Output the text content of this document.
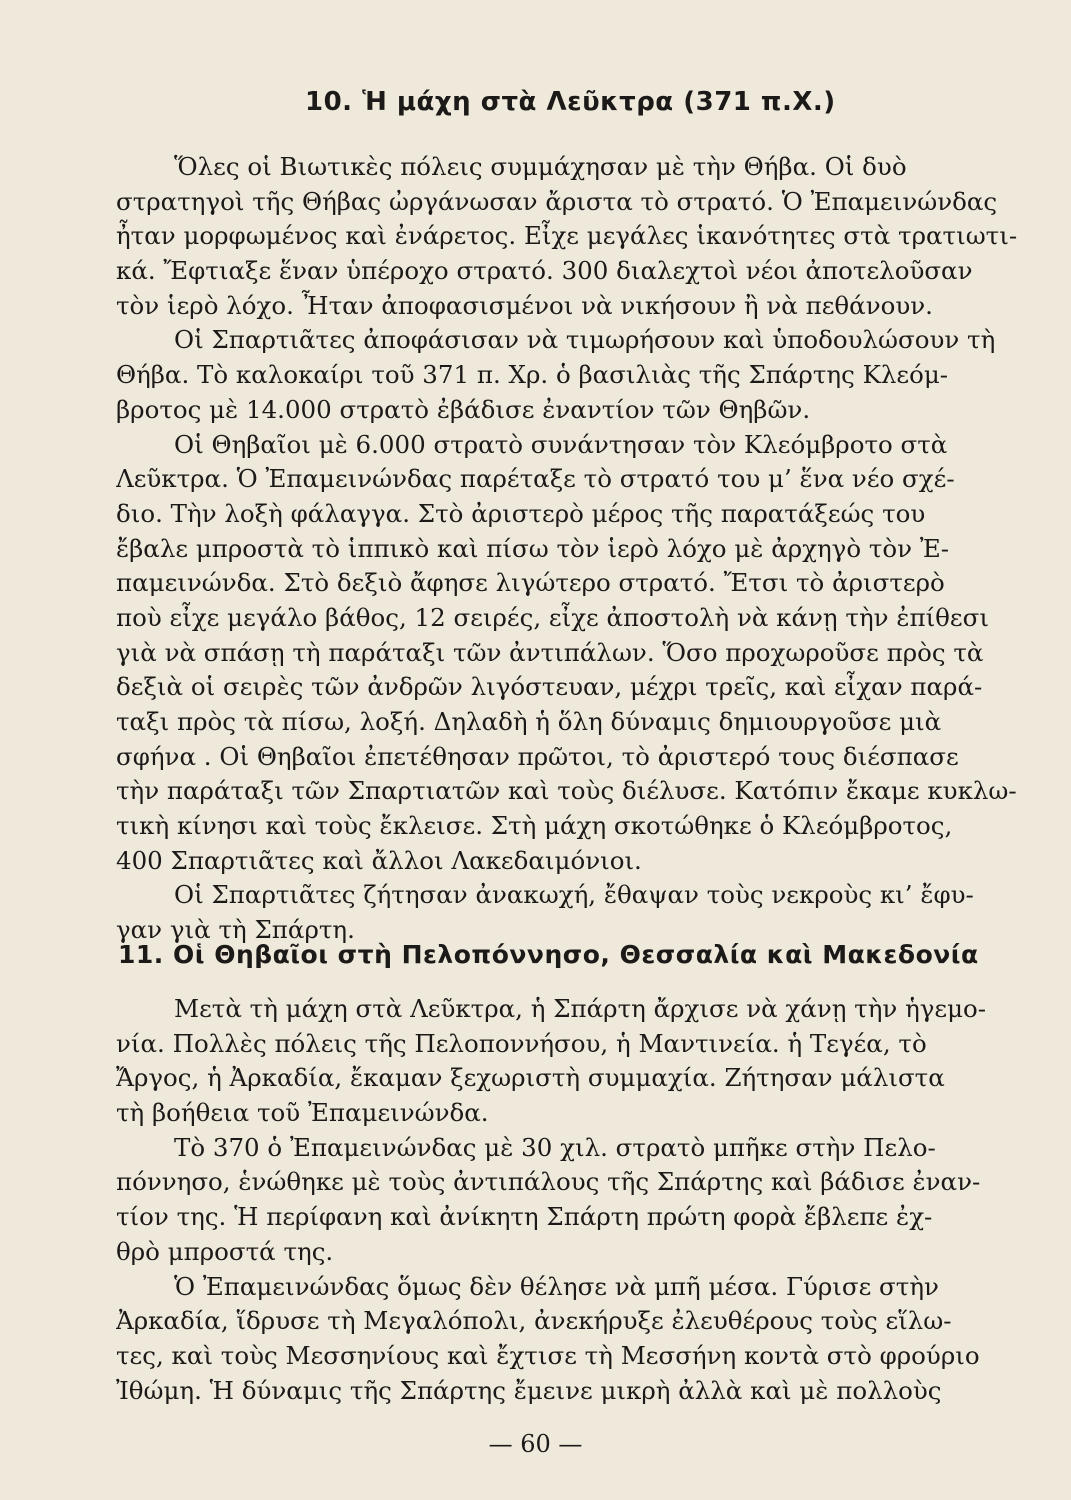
10. Ἡ μάχη στὰ Λεῦκτρα (371 π.Χ.)
Ὅλες οἱ Βιωτικὲς πόλεις συμμάχησαν μὲ τὴν Θήβα. Οἱ δυὸ
στρατηγοὶ τῆς Θήβας ὠργάνωσαν ἄριστα τὸ στρατό. Ὁ Ἐπαμεινώνδας
ἦταν μορφωμένος καὶ ἐνάρετος. Εἶχε μεγάλες ἱκανότητες στὰ τρατιωτι-
κά. Ἔφτιαξε ἕναν ὑπέροχο στρατό. 300 διαλεχτοὶ νέοι ἀποτελοῦσαν
τὸν ἱερὸ λόχο. Ἦταν ἀποφασισμένοι νὰ νικήσουν ἢ νὰ πεθάνουν.
Οἱ Σπαρτιᾶτες ἀποφάσισαν νὰ τιμωρήσουν καὶ ὑποδουλώσουν τὴ
Θήβα. Τὸ καλοκαίρι τοῦ 371 π. Χρ. ὁ βασιλιὰς τῆς Σπάρτης Κλεόμ-
βροτος μὲ 14.000 στρατὸ ἐβάδισε ἐναντίον τῶν Θηβῶν.
Οἱ Θηβαῖοι μὲ 6.000 στρατὸ συνάντησαν τὸν Κλεόμβροτο στὰ
Λεῦκτρα. Ὁ Ἐπαμεινώνδας παρέταξε τὸ στρατό του μ’ ἕνα νέο σχέ-
διο. Τὴν λοξὴ φάλαγγα. Στὸ ἀριστερὸ μέρος τῆς παρατάξεώς του
ἔβαλε μπροστὰ τὸ ἱππικὸ καὶ πίσω τὸν ἱερὸ λόχο μὲ ἀρχηγὸ τὸν Ἐ-
παμεινώνδα. Στὸ δεξιὸ ἄφησε λιγώτερο στρατό. Ἔτσι τὸ ἀριστερὸ
ποὺ εἶχε μεγάλο βάθος, 12 σειρές, εἶχε ἀποστολὴ νὰ κάνῃ τὴν ἐπίθεσι
γιὰ νὰ σπάσῃ τὴ παράταξι τῶν ἀντιπάλων. Ὅσο προχωροῦσε πρὸς τὰ
δεξιὰ οἱ σειρὲς τῶν ἀνδρῶν λιγόστευαν, μέχρι τρεῖς, καὶ εἶχαν παρά-
ταξι πρὸς τὰ πίσω, λοξή. Δηλαδὴ ἡ ὅλη δύναμις δημιουργοῦσε μιὰ
σφήνα . Οἱ Θηβαῖοι ἐπετέθησαν πρῶτοι, τὸ ἀριστερό τους διέσπασε
τὴν παράταξι τῶν Σπαρτιατῶν καὶ τοὺς διέλυσε. Κατόπιν ἔκαμε κυκλω-
τικὴ κίνησι καὶ τοὺς ἔκλεισε. Στὴ μάχη σκοτώθηκε ὁ Κλεόμβροτος,
400 Σπαρτιᾶτες καὶ ἄλλοι Λακεδαιμόνιοι.
Οἱ Σπαρτιᾶτες ζήτησαν ἀνακωχή, ἔθαψαν τοὺς νεκροὺς κι’ ἔφυ-
γαν γιὰ τὴ Σπάρτη.
11. Οἱ Θηβαῖοι στὴ Πελοπόννησο, Θεσσαλία καὶ Μακεδονία
Μετὰ τὴ μάχη στὰ Λεῦκτρα, ἡ Σπάρτη ἄρχισε νὰ χάνῃ τὴν ἡγεμο-
νία. Πολλὲς πόλεις τῆς Πελοποννήσου, ἡ Μαντινεία. ἡ Τεγέα, τὸ
Ἄργος, ἡ Ἀρκαδία, ἔκαμαν ξεχωριστὴ συμμαχία. Ζήτησαν μάλιστα
τὴ βοήθεια τοῦ Ἐπαμεινώνδα.
Τὸ 370 ὁ Ἐπαμεινώνδας μὲ 30 χιλ. στρατὸ μπῆκε στὴν Πελο-
πόννησο, ἑνώθηκε μὲ τοὺς ἀντιπάλους τῆς Σπάρτης καὶ βάδισε ἐναν-
τίον της. Ἡ περίφανη καὶ ἀνίκητη Σπάρτη πρώτη φορὰ ἔβλεπε ἐχ-
θρὸ μπροστά της.
Ὁ Ἐπαμεινώνδας ὅμως δὲν θέλησε νὰ μπῆ μέσα. Γύρισε στὴν
Ἀρκαδία, ἵδρυσε τὴ Μεγαλόπολι, ἀνεκήρυξε ἐλευθέρους τοὺς εἵλω-
τες, καὶ τοὺς Μεσσηνίους καὶ ἔχτισε τὴ Μεσσήνη κοντὰ στὸ φρούριο
Ἰθώμη. Ἡ δύναμις τῆς Σπάρτης ἔμεινε μικρὴ ἀλλὰ καὶ μὲ πολλοὺς
— 60 —
